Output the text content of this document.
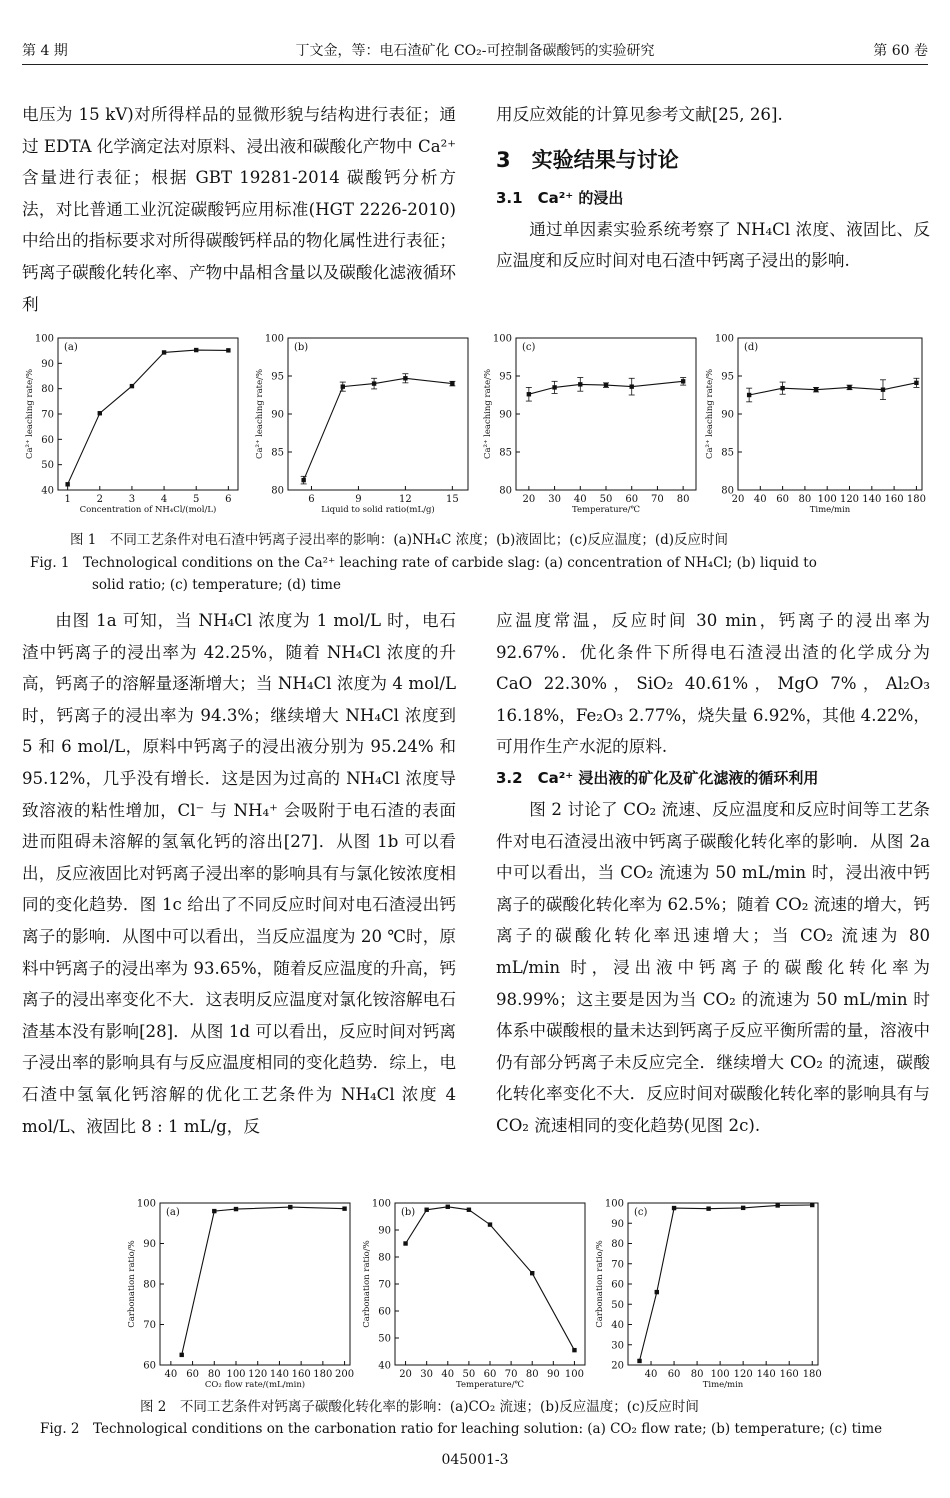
第 4 期	丁文金，等：电石渣矿化 CO₂-可控制备碳酸钙的实验研究	第 60 卷

电压为 15 kV)对所得样品的显微形貌与结构进行表征；通过 EDTA 化学滴定法对原料、浸出液和碳酸化产物中 Ca²⁺ 含量进行表征；根据 GBT 19281-2014 碳酸钙分析方法，对比普通工业沉淀碳酸钙应用标准(HGT 2226-2010)中给出的指标要求对所得碳酸钙样品的物化属性进行表征；钙离子碳酸化转化率、产物中晶相含量以及碳酸化滤液循环利

用反应效能的计算见参考文献[25, 26].

3　实验结果与讨论
3.1　Ca²⁺ 的浸出

通过单因素实验系统考察了 NH₄Cl 浓度、液固比、反应温度和反应时间对电石渣中钙离子浸出的影响.

40
50
60
70
80
90
100
1	2	3	4	5	6
Concentration of NH₄Cl/(mol/L)
Ca²⁺ leaching rate/%
(a)
80
85
90
95
100
6	9	12	15
Liquid to solid ratio(mL/g)
Ca²⁺ leaching rate/%
(b)
80
85
90
95
100
20 30 40 50 60 70 80
Temperature/℃
Ca²⁺ leaching rate/%
(c)
80
85
90
95
100
20 40 60 80 100 120 140 160 180
Time/min
Ca²⁺ leaching rate/%
(d)
图 1　不同工艺条件对电石渣中钙离子浸出率的影响：(a)NH₄C 浓度；(b)液固比；(c)反应温度；(d)反应时间
Fig. 1　Technological conditions on the Ca²⁺ leaching rate of carbide slag: (a) concentration of NH₄Cl; (b) liquid to
solid ratio; (c) temperature; (d) time

由图 1a 可知，当 NH₄Cl 浓度为 1 mol/L 时，电石渣中钙离子的浸出率为 42.25%，随着 NH₄Cl 浓度的升高，钙离子的溶解量逐渐增大；当 NH₄Cl 浓度为 4 mol/L 时，钙离子的浸出率为 94.3%；继续增大 NH₄Cl 浓度到 5 和 6 mol/L，原料中钙离子的浸出液分别为 95.24% 和 95.12%，几乎没有增长．这是因为过高的 NH₄Cl 浓度导致溶液的粘性增加，Cl⁻ 与 NH₄⁺ 会吸附于电石渣的表面进而阻碍未溶解的氢氧化钙的溶出[27]．从图 1b 可以看出，反应液固比对钙离子浸出率的影响具有与氯化铵浓度相同的变化趋势．图 1c 给出了不同反应时间对电石渣浸出钙离子的影响．从图中可以看出，当反应温度为 20 ℃时，原料中钙离子的浸出率为 93.65%，随着反应温度的升高，钙离子的浸出率变化不大．这表明反应温度对氯化铵溶解电石渣基本没有影响[28]．从图 1d 可以看出，反应时间对钙离子浸出率的影响具有与反应温度相同的变化趋势．综上，电石渣中氢氧化钙溶解的优化工艺条件为 NH₄Cl 浓度 4 mol/L、液固比 8 : 1 mL/g，反

应温度常温，反应时间 30 min，钙离子的浸出率为 92.67%．优化条件下所得电石渣浸出渣的化学成分为 CaO 22.30%，SiO₂ 40.61%，MgO 7%，Al₂O₃ 16.18%，Fe₂O₃ 2.77%，烧失量 6.92%，其他 4.22%，可用作生产水泥的原料.

3.2　Ca²⁺ 浸出液的矿化及矿化滤液的循环利用

图 2 讨论了 CO₂ 流速、反应温度和反应时间等工艺条件对电石渣浸出液中钙离子碳酸化转化率的影响．从图 2a 中可以看出，当 CO₂ 流速为 50 mL/min 时，浸出液中钙离子的碳酸化转化率为 62.5%；随着 CO₂ 流速的增大，钙离子的碳酸化转化率迅速增大；当 CO₂ 流速为 80 mL/min 时，浸出液中钙离子的碳酸化转化率为 98.99%；这主要是因为当 CO₂ 的流速为 50 mL/min 时体系中碳酸根的量未达到钙离子反应平衡所需的量，溶液中仍有部分钙离子未反应完全．继续增大 CO₂ 的流速，碳酸化转化率变化不大．反应时间对碳酸化转化率的影响具有与 CO₂ 流速相同的变化趋势(见图 2c).

60
70
80
90
100
40 60 80 100 120 140 160 180 200
CO₂ flow rate/(mL/min)
Carbonation ratio/%
(a)
40
50
60
70
80
90
100
20 30 40 50 60 70 80 90 100
Temperature/℃
Carbonation ratio/%
(b)
20
30
40
50
60
70
80
90
100
40 60 80 100 120 140 160 180
Time/min
Carbonation ratio/%
(c)
图 2　不同工艺条件对钙离子碳酸化转化率的影响：(a)CO₂ 流速；(b)反应温度；(c)反应时间
Fig. 2　Technological conditions on the carbonation ratio for leaching solution: (a) CO₂ flow rate; (b) temperature; (c) time
045001-3
